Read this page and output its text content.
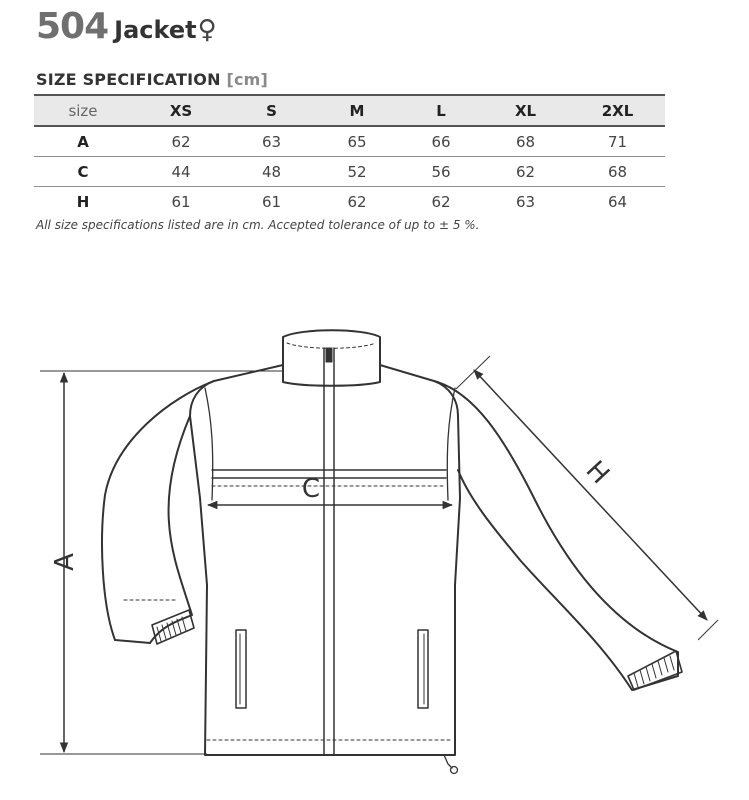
504 Jacket♀
SIZE SPECIFICATION [cm]
size	XS	S	M	L	XL	2XL
A	62	63	65	66	68	71
C	44	48	52	56	62	68
H	61	61	62	62	63	64
All size specifications listed are in cm. Accepted tolerance of up to ± 5 %.
A
C	H
